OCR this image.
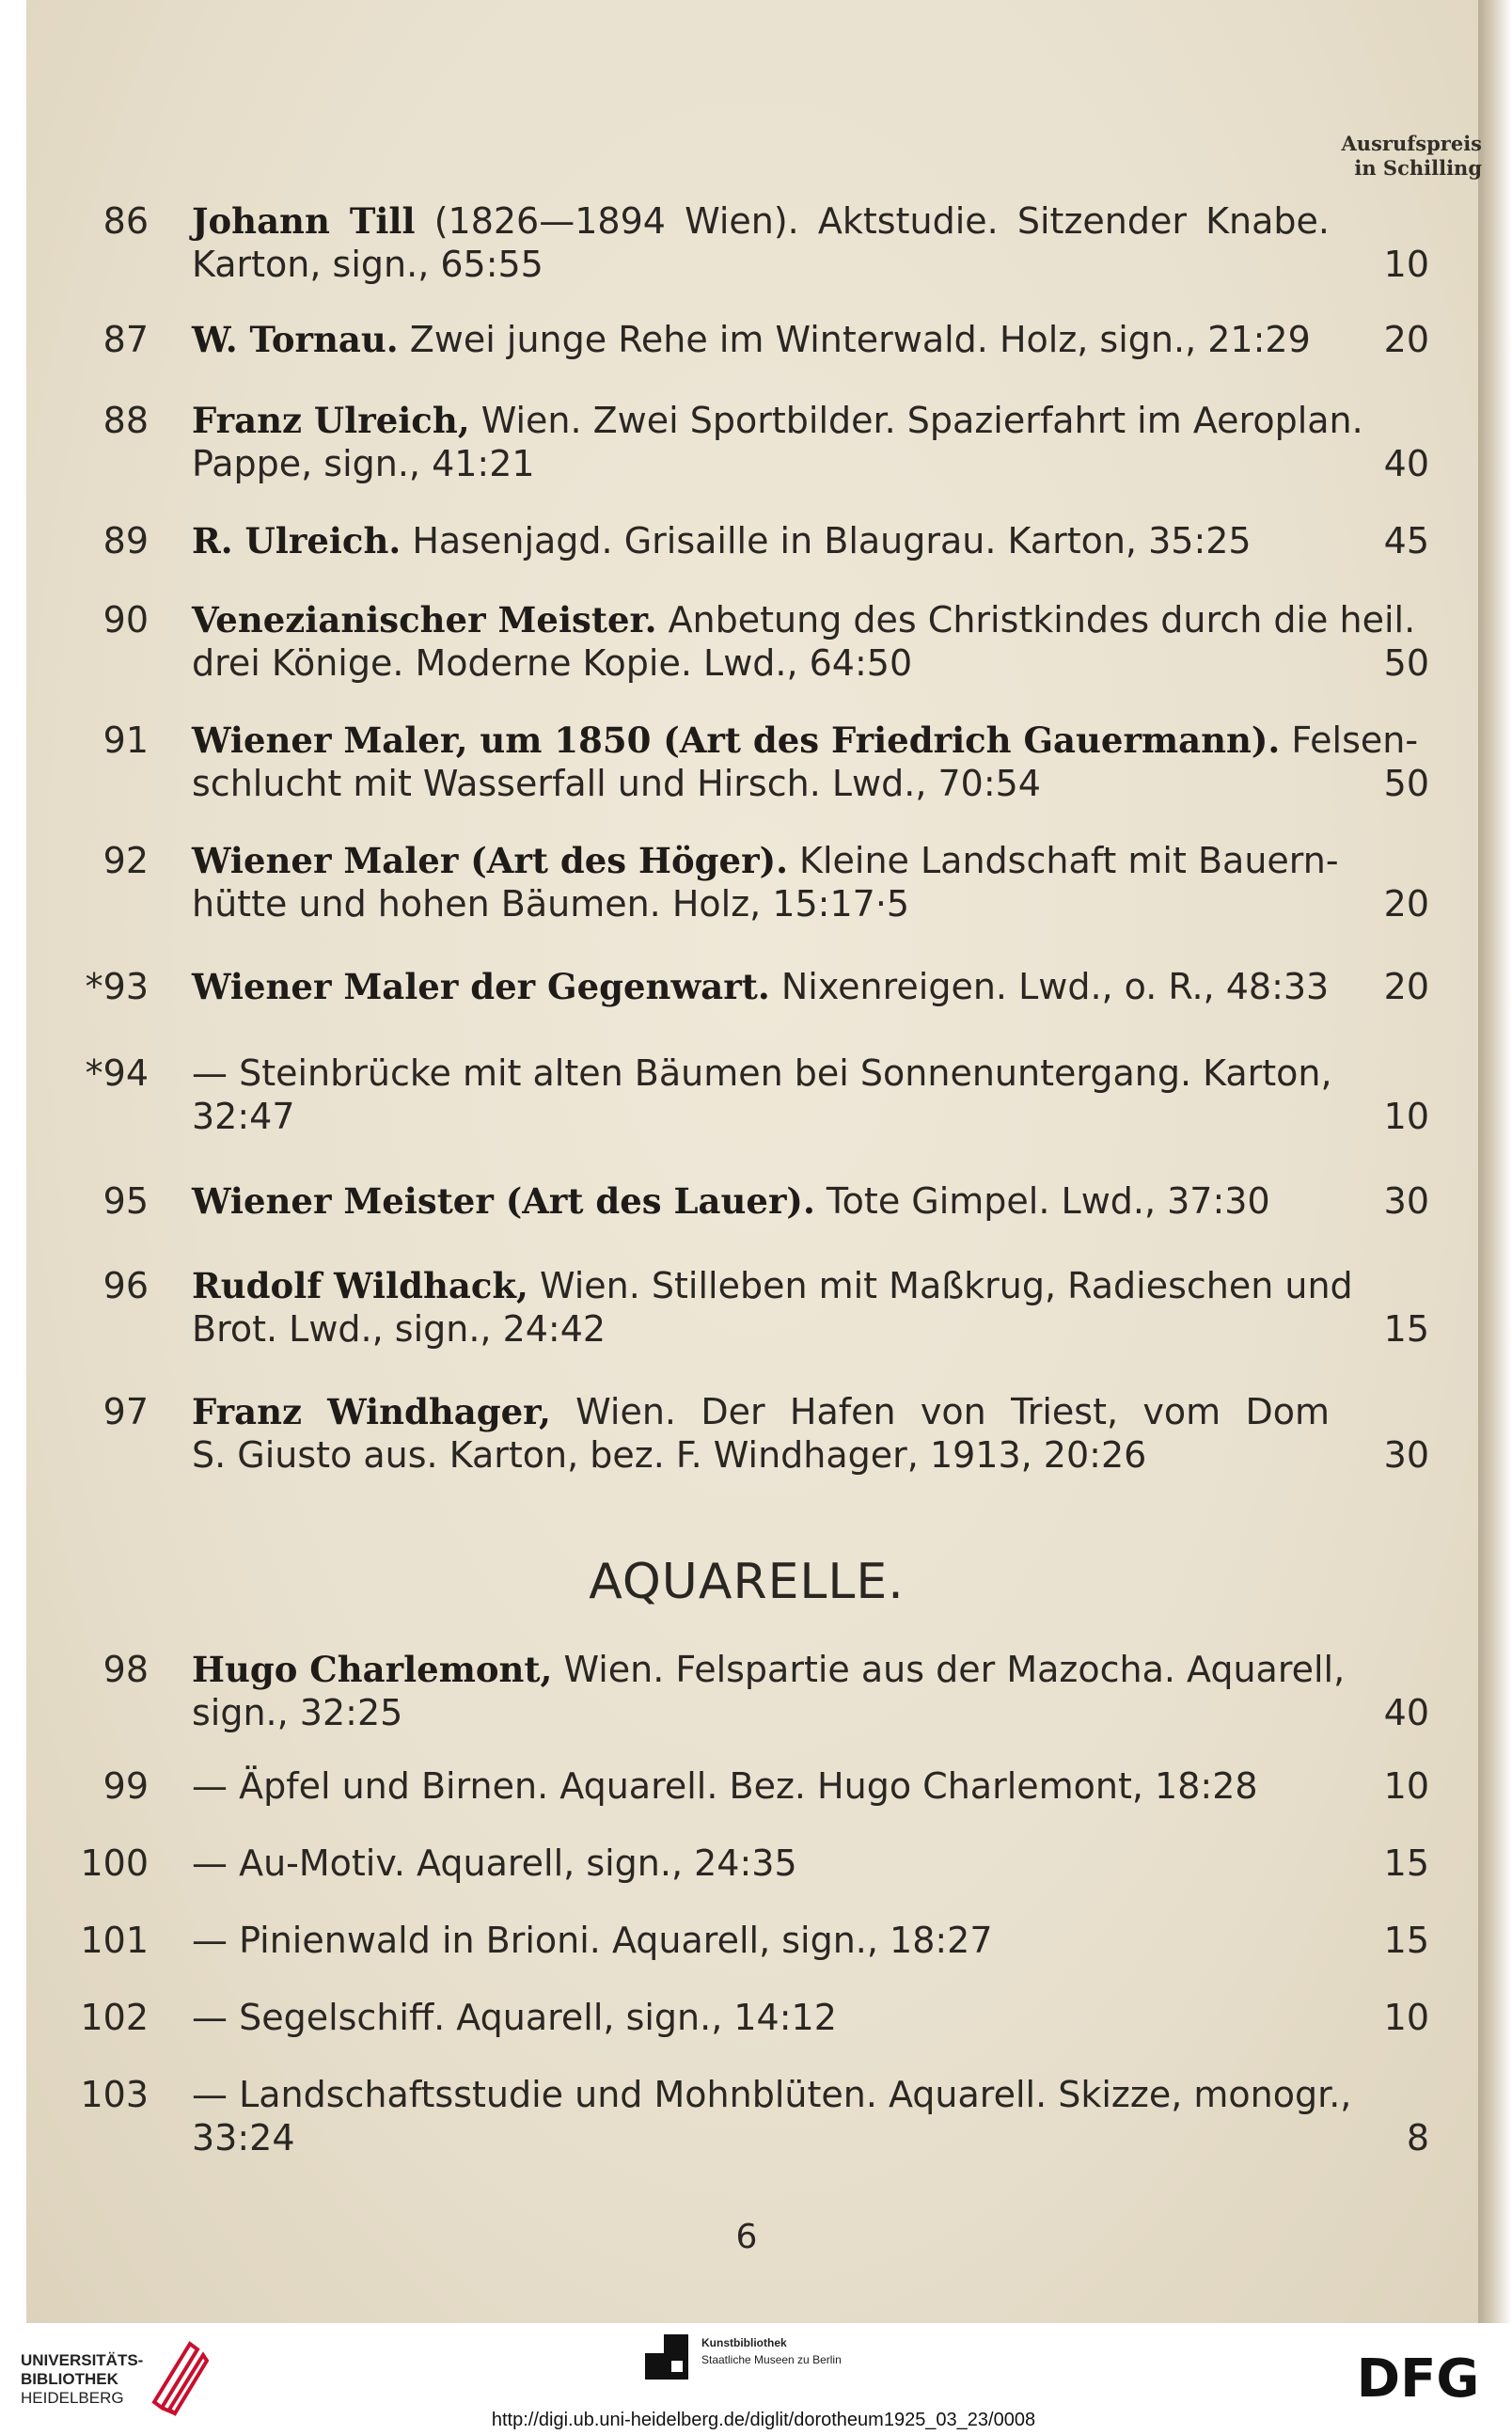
Ausrufspreis
in Schilling
86 Johann Till (1826—1894 Wien). Aktstudie. Sitzender Knabe.
Karton, sign., 65:55	10
87 W. Tornau. Zwei junge Rehe im Winterwald. Holz, sign., 21:29	20
88 Franz Ulreich, Wien. Zwei Sportbilder. Spazierfahrt im Aeroplan.
Pappe, sign., 41:21	40
89 R. Ulreich. Hasenjagd. Grisaille in Blaugrau. Karton, 35:25	45
90 Venezianischer Meister. Anbetung des Christkindes durch die heil.
drei Könige. Moderne Kopie. Lwd., 64:50	50
91 Wiener Maler, um 1850 (Art des Friedrich Gauermann). Felsen-
schlucht mit Wasserfall und Hirsch. Lwd., 70:54	50
92 Wiener Maler (Art des Höger). Kleine Landschaft mit Bauern-
hütte und hohen Bäumen. Holz, 15:17·5	20
*93 Wiener Maler der Gegenwart. Nixenreigen. Lwd., o. R., 48:33	20
*94 — Steinbrücke mit alten Bäumen bei Sonnenuntergang. Karton,
32:47	10
95 Wiener Meister (Art des Lauer). Tote Gimpel. Lwd., 37:30	30
96 Rudolf Wildhack, Wien. Stilleben mit Maßkrug, Radieschen und
Brot. Lwd., sign., 24:42	15
97 Franz Windhager, Wien. Der Hafen von Triest, vom Dom
S. Giusto aus. Karton, bez. F. Windhager, 1913, 20:26	30
98 Hugo Charlemont, Wien. Felspartie aus der Mazocha. Aquarell,
sign., 32:25	40
99 — Äpfel und Birnen. Aquarell. Bez. Hugo Charlemont, 18:28	10
100 — Au-Motiv. Aquarell, sign., 24:35	15
101 — Pinienwald in Brioni. Aquarell, sign., 18:27	15
102 — Segelschiff. Aquarell, sign., 14:12	10
103 — Landschaftsstudie und Mohnblüten. Aquarell. Skizze, monogr.,
33:24	8
AQUARELLE.
6
UNIVERSITÄTS-
BIBLIOTHEK
HEIDELBERG
Kunstbibliothek
Staatliche Museen zu Berlin	DFG
http://digi.ub.uni-heidelberg.de/diglit/dorotheum1925_03_23/0008
